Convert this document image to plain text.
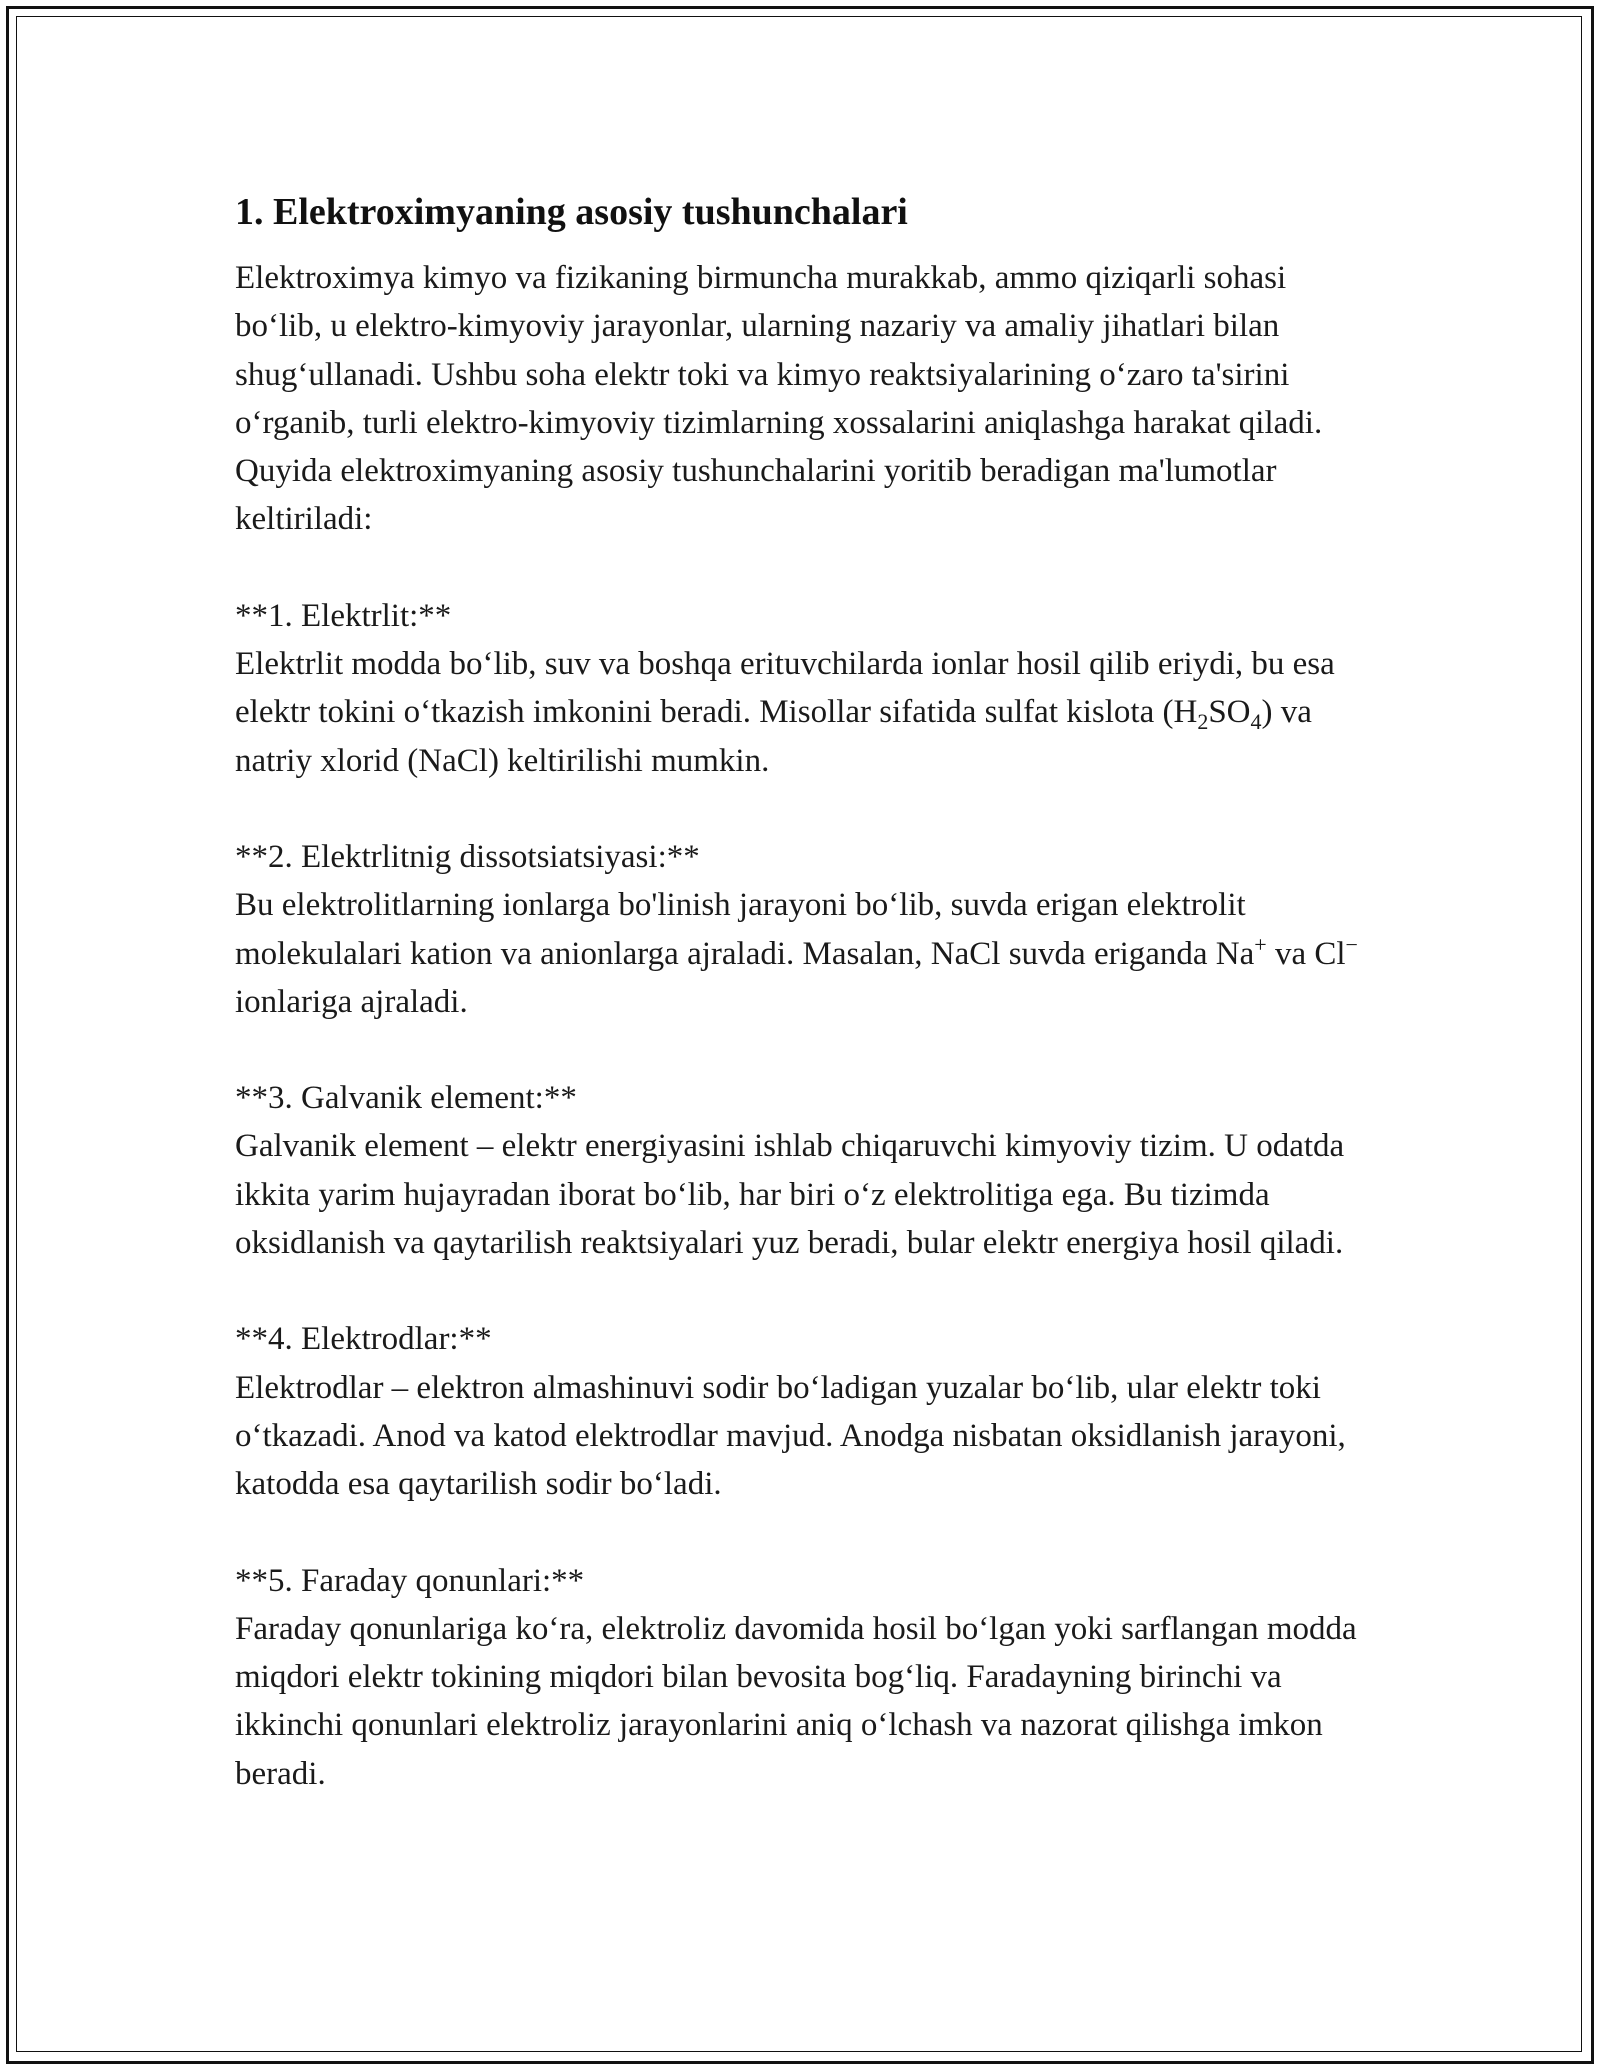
1. Elektroximyaning asosiy tushunchalari

Elektroximya kimyo va fizikaning birmuncha murakkab, ammo qiziqarli sohasi bo‘lib, u elektro-kimyoviy jarayonlar, ularning nazariy va amaliy jihatlari bilan shug‘ullanadi. Ushbu soha elektr toki va kimyo reaktsiyalarining o‘zaro ta'sirini o‘rganib, turli elektro-kimyoviy tizimlarning xossalarini aniqlashga harakat qiladi. Quyida elektroximyaning asosiy tushunchalarini yoritib beradigan ma'lumotlar keltiriladi:

**1. Elektrlit:**

Elektrlit modda bo‘lib, suv va boshqa erituvchilarda ionlar hosil qilib eriydi, bu esa elektr tokini o‘tkazish imkonini beradi. Misollar sifatida sulfat kislota $(H_2SO_4)$ va natriy xlorid (NaCl) keltirilishi mumkin.

**2. Elektrlitnig dissotsiatsiyasi:**

Bu elektrolitlarning ionlarga bo'linish jarayoni bo‘lib, suvda erigan elektrolit molekulalari kation va anionlarga ajraladi. Masalan, NaCl suvda eriganda Na+ va Cl− ionlariga ajraladi.

**3. Galvanik element:**

Galvanik element – elektr energiyasini ishlab chiqaruvchi kimyoviy tizim. U odatda ikkita yarim hujayradan iborat bo‘lib, har biri o‘z elektrolitiga ega. Bu tizimda oksidlanish va qaytarilish reaktsiyalari yuz beradi, bular elektr energiya hosil qiladi.

**4. Elektrodlar:**

Elektrodlar – elektron almashinuvi sodir bo‘ladigan yuzalar bo‘lib, ular elektr toki o‘tkazadi. Anod va katod elektrodlar mavjud. Anodga nisbatan oksidlanish jarayoni, katodda esa qaytarilish sodir bo‘ladi.

**5. Faraday qonunlari:**

Faraday qonunlariga ko‘ra, elektroliz davomida hosil bo‘lgan yoki sarflangan modda miqdori elektr tokining miqdori bilan bevosita bog‘liq. Faradayning birinchi va ikkinchi qonunlari elektroliz jarayonlarini aniq o‘lchash va nazorat qilishga imkon beradi.
